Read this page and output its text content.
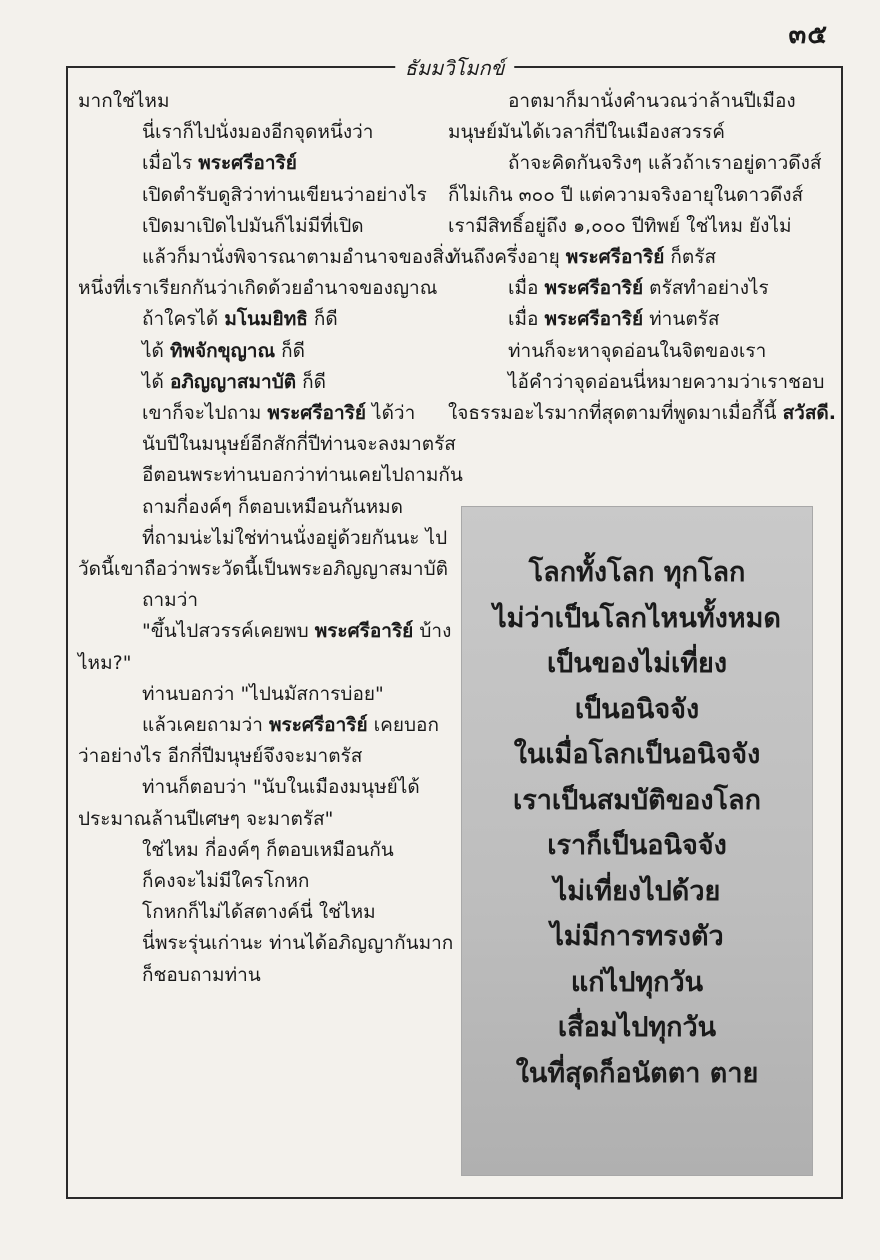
๓๕
ธัมมวิโมกข์
มากใช่ไหม
นี่เราก็ไปนั่งมองอีกจุดหนึ่งว่า
เมื่อไร พระศรีอาริย์
เปิดตำรับดูสิว่าท่านเขียนว่าอย่างไร
เปิดมาเปิดไปมันก็ไม่มีที่เปิด
แล้วก็มานั่งพิจารณาตามอำนาจของสิ่ง
หนึ่งที่เราเรียกกันว่าเกิดด้วยอำนาจของญาณ
ถ้าใครได้ มโนมยิทธิ ก็ดี
ได้ ทิพจักขุญาณ ก็ดี
ได้ อภิญญาสมาบัติ ก็ดี
เขาก็จะไปถาม พระศรีอาริย์ ได้ว่า
นับปีในมนุษย์อีกสักกี่ปีท่านจะลงมาตรัส
อีตอนพระท่านบอกว่าท่านเคยไปถามกัน
ถามกี่องค์ๆ ก็ตอบเหมือนกันหมด
ที่ถามน่ะไม่ใช่ท่านนั่งอยู่ด้วยกันนะ ไป
วัดนี้เขาถือว่าพระวัดนี้เป็นพระอภิญญาสมาบัติ
ถามว่า
"ขึ้นไปสวรรค์เคยพบ พระศรีอาริย์ บ้าง
ไหม?"
ท่านบอกว่า "ไปนมัสการบ่อย"
แล้วเคยถามว่า พระศรีอาริย์ เคยบอก
ว่าอย่างไร อีกกี่ปีมนุษย์จึงจะมาตรัส
ท่านก็ตอบว่า "นับในเมืองมนุษย์ได้
ประมาณล้านปีเศษๆ จะมาตรัส"
ใช่ไหม กี่องค์ๆ ก็ตอบเหมือนกัน
ก็คงจะไม่มีใครโกหก
โกหกก็ไม่ได้สตางค์นี่ ใช่ไหม
นี่พระรุ่นเก่านะ ท่านได้อภิญญากันมาก
ก็ชอบถามท่าน
อาตมาก็มานั่งคำนวณว่าล้านปีเมือง
มนุษย์มันได้เวลากี่ปีในเมืองสวรรค์
ถ้าจะคิดกันจริงๆ แล้วถ้าเราอยู่ดาวดึงส์
ก็ไม่เกิน ๓๐๐ ปี แต่ความจริงอายุในดาวดึงส์
เรามีสิทธิ์อยู่ถึง ๑,๐๐๐ ปีทิพย์ ใช่ไหม ยังไม่
ทันถึงครึ่งอายุ พระศรีอาริย์ ก็ตรัส
เมื่อ พระศรีอาริย์ ตรัสทำอย่างไร
เมื่อ พระศรีอาริย์ ท่านตรัส
ท่านก็จะหาจุดอ่อนในจิตของเรา
ไอ้คำว่าจุดอ่อนนี่หมายความว่าเราชอบ
ใจธรรมอะไรมากที่สุดตามที่พูดมาเมื่อกี้นี้ สวัสดี.
โลกทั้งโลก ทุกโลก
ไม่ว่าเป็นโลกไหนทั้งหมด
เป็นของไม่เที่ยง
เป็นอนิจจัง
ในเมื่อโลกเป็นอนิจจัง
เราเป็นสมบัติของโลก
เราก็เป็นอนิจจัง
ไม่เที่ยงไปด้วย
ไม่มีการทรงตัว
แก่ไปทุกวัน
เสื่อมไปทุกวัน
ในที่สุดก็อนัตตา ตาย
